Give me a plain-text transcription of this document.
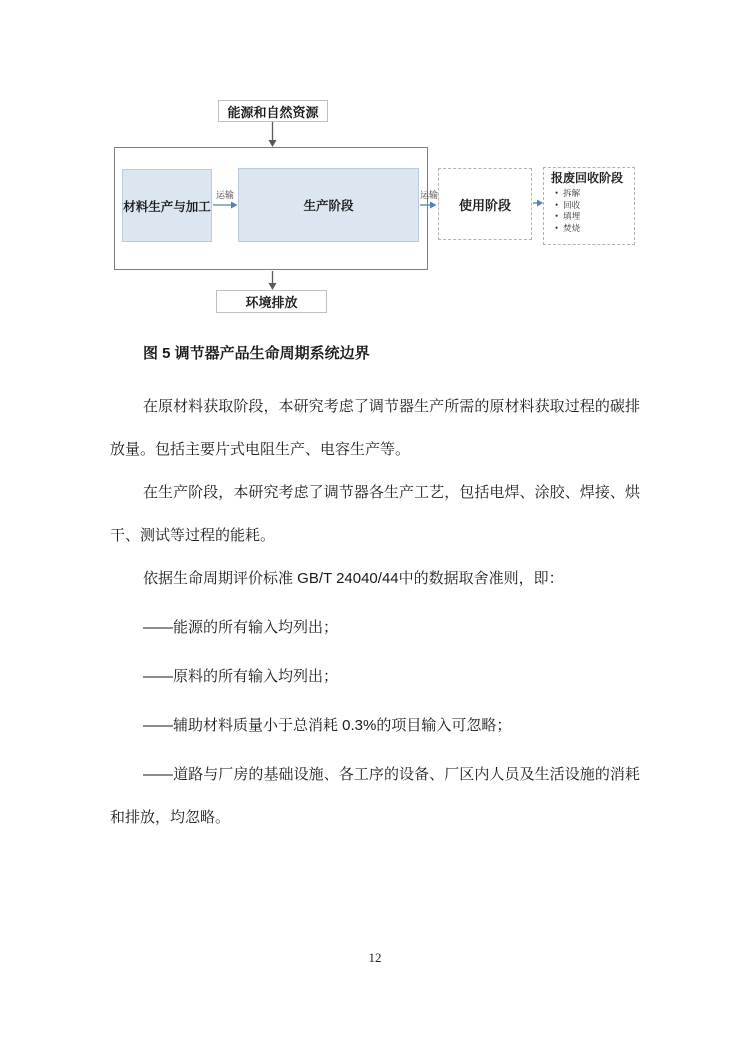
能源和自然资源
材料生产与加工	生产阶段	使用阶段
报废回收阶段
• 拆解
• 回收
• 填埋
• 焚烧
环境排放
运输	运输
图 5 调节器产品生命周期系统边界

在原材料获取阶段，本研究考虑了调节器生产所需的原材料获取过程的碳排放量。包括主要片式电阻生产、电容生产等。

在生产阶段，本研究考虑了调节器各生产工艺，包括电焊、涂胶、焊接、烘干、测试等过程的能耗。

依据生命周期评价标准 GB/T 24040/44中的数据取舍准则，即：

——能源的所有输入均列出；

——原料的所有输入均列出；

——辅助材料质量小于总消耗 0.3%的项目输入可忽略；

——道路与厂房的基础设施、各工序的设备、厂区内人员及生活设施的消耗和排放，均忽略。

12
